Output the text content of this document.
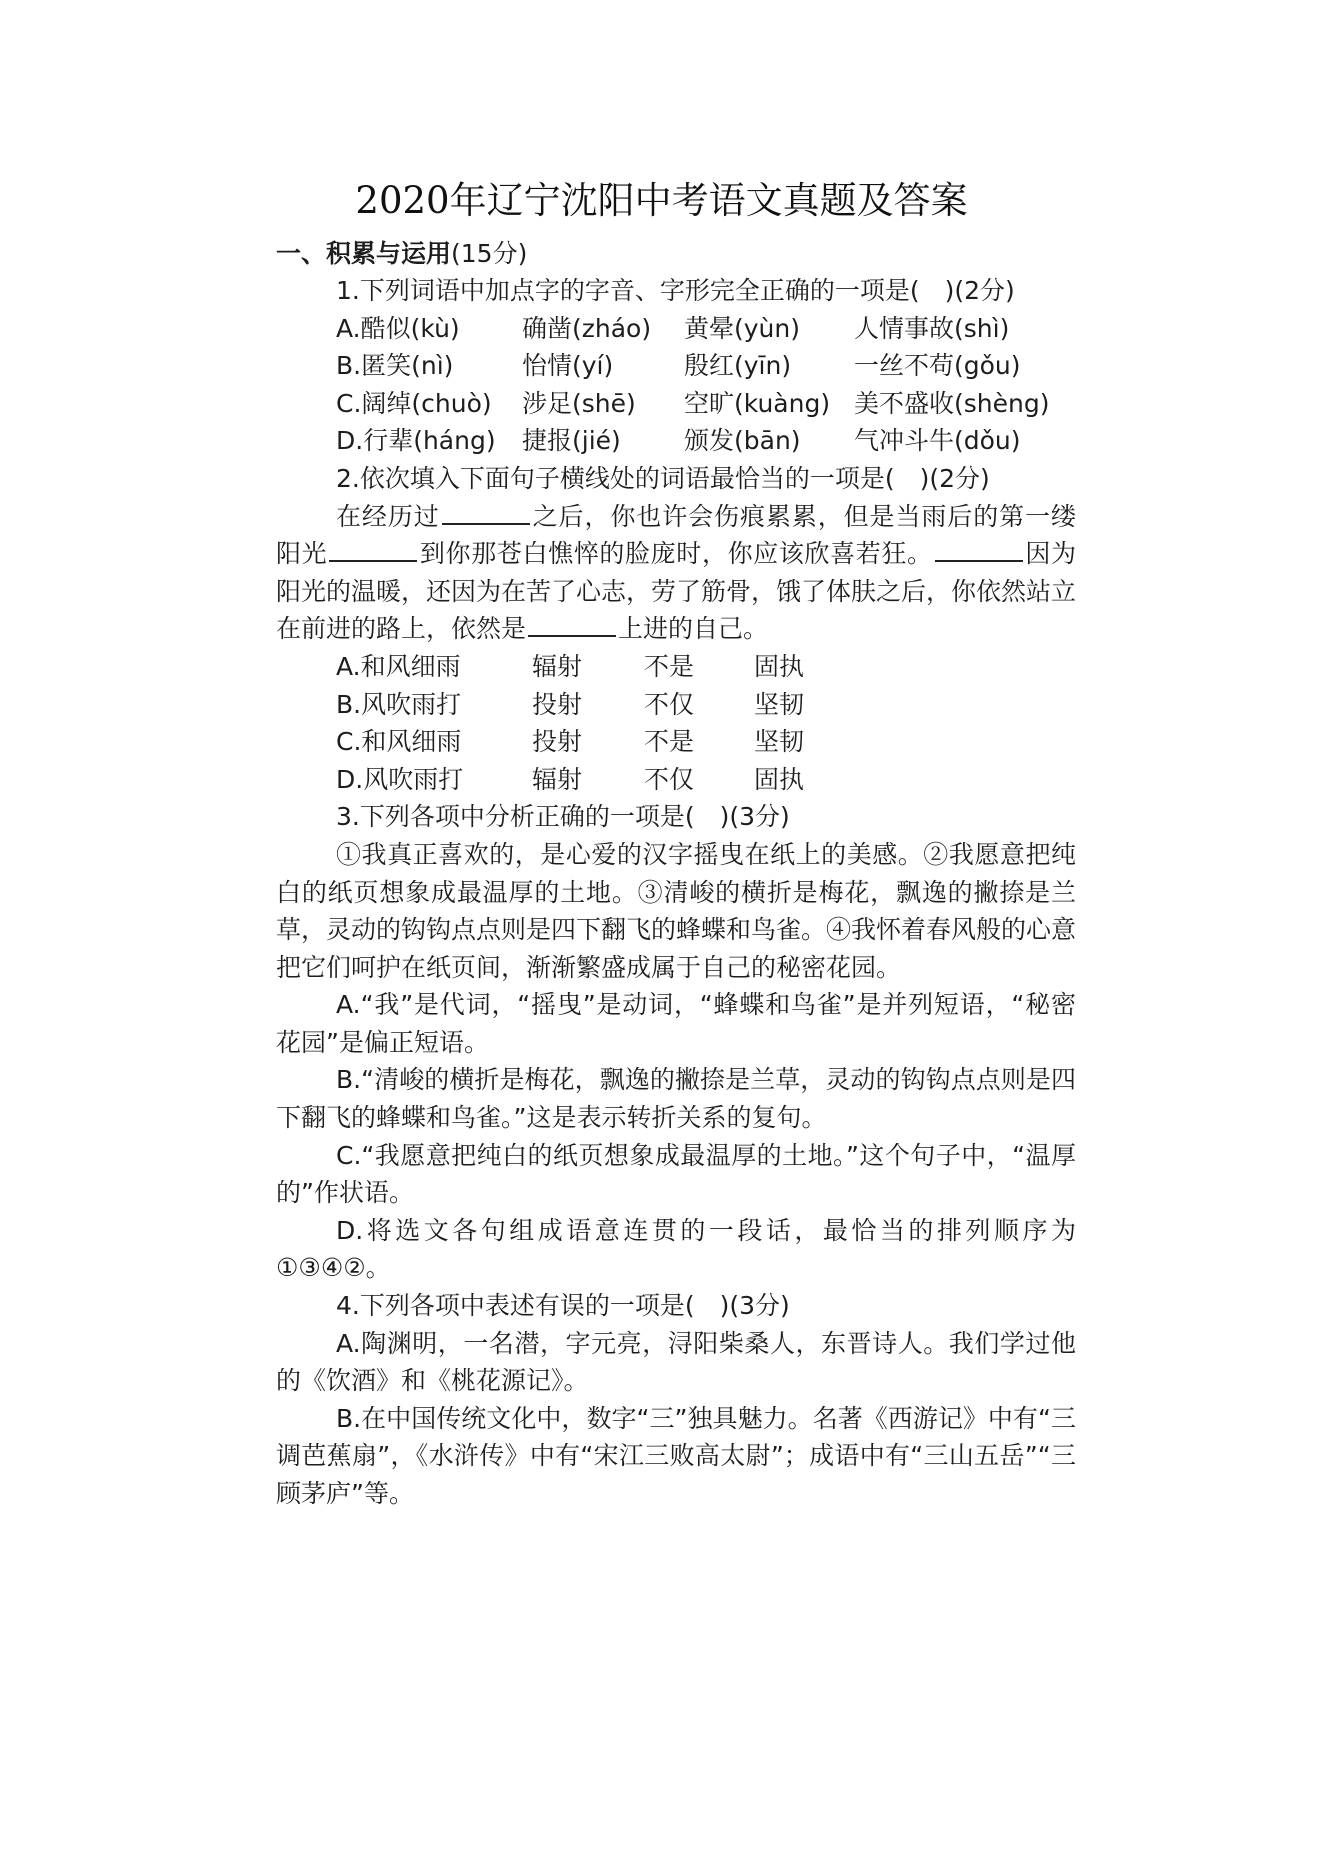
2020年辽宁沈阳中考语文真题及答案
一、积累与运用(15分)
1.下列词语中加点字的字音、字形完全正确的一项是(　)(2分)
A.酷似(kù)	确凿(zháo)	黄晕(yùn)	人情事故(shì)
B.匿笑(nì)	怡情(yí)	殷红(yīn)	一丝不苟(gǒu)
C.阔绰(chuò)	涉足(shē)	空旷(kuàng) 美不盛收(shèng)
D.行辈(háng)	捷报(jié)	颁发(bān)	气冲斗牛(dǒu)
2.依次填入下面句子横线处的词语最恰当的一项是(　)(2分)
在经历过	之后，你也许会伤痕累累，但是当雨后的第一缕阳光	到你那苍白憔悴的脸庞时，你应该欣喜若狂。	因为阳光的温暖，还因为在苦了心志，劳了筋骨，饿了体肤之后，你依然站立在前进的路上，依然是	上进的自己。
A.和风细雨	辐射	不是	固执
B.风吹雨打	投射	不仅	坚韧
C.和风细雨	投射	不是	坚韧
D.风吹雨打	辐射	不仅	固执
3.下列各项中分析正确的一项是(　)(3分)
①我真正喜欢的，是心爱的汉字摇曳在纸上的美感。②我愿意把纯白的纸页想象成最温厚的土地。③清峻的横折是梅花，飘逸的撇捺是兰草，灵动的钩钩点点则是四下翻飞的蜂蝶和鸟雀。④我怀着春风般的心意把它们呵护在纸页间，渐渐繁盛成属于自己的秘密花园。
A.“我”是代词，“摇曳”是动词，“蜂蝶和鸟雀”是并列短语，“秘密花园”是偏正短语。
B.“清峻的横折是梅花，飘逸的撇捺是兰草，灵动的钩钩点点则是四下翻飞的蜂蝶和鸟雀。”这是表示转折关系的复句。
C.“我愿意把纯白的纸页想象成最温厚的土地。”这个句子中，“温厚的”作状语。
D.将选文各句组成语意连贯的一段话，最恰当的排列顺序为①③④②。
4.下列各项中表述有误的一项是(　)(3分)
A.陶渊明，一名潜，字元亮，浔阳柴桑人，东晋诗人。我们学过他的《饮酒》和《桃花源记》。
B.在中国传统文化中，数字“三”独具魅力。名著《西游记》中有“三调芭蕉扇”，《水浒传》中有“宋江三败高太尉”；成语中有“三山五岳”“三顾茅庐”等。
